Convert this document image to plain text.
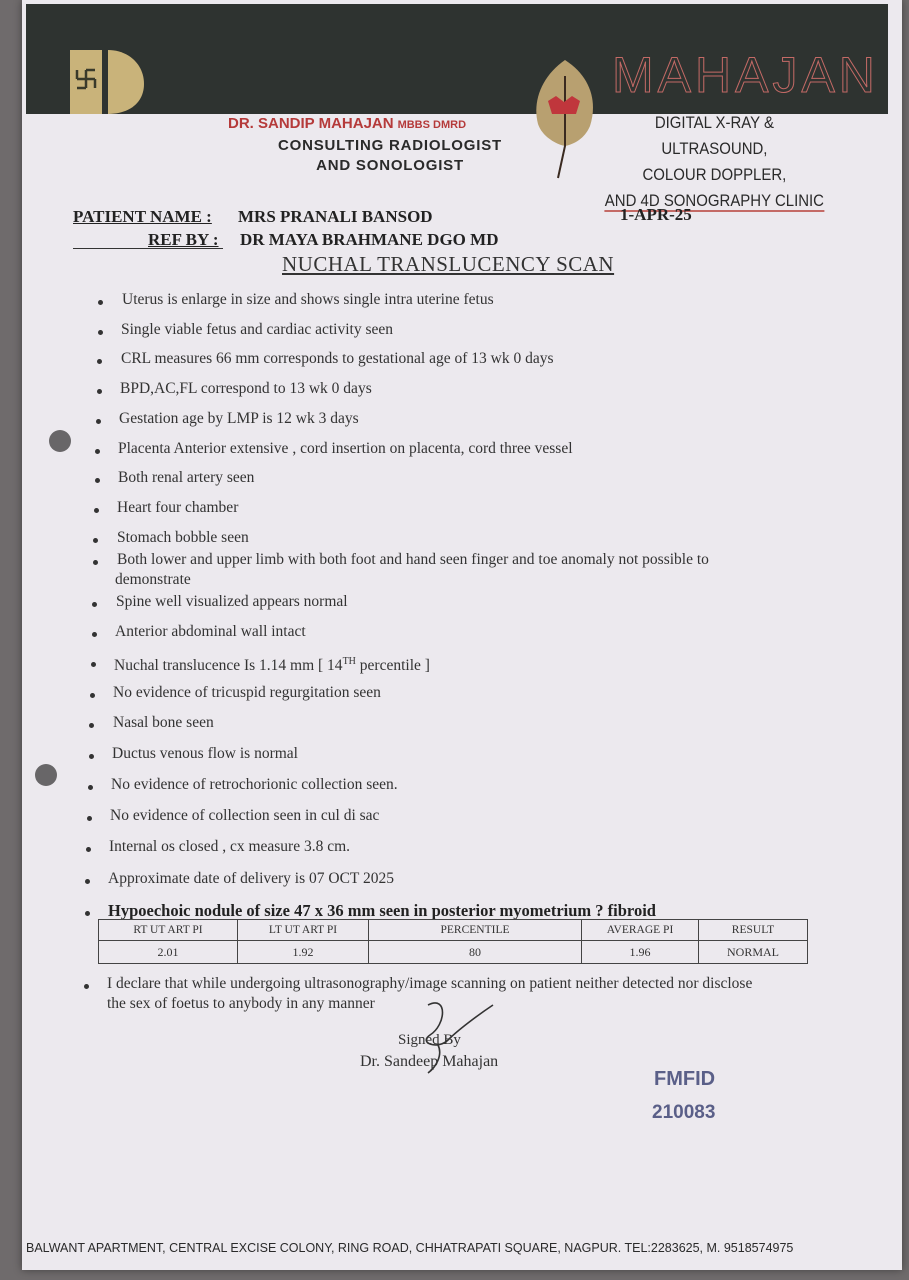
DR. SANDIP MAHAJAN MBBS DMRD
CONSULTING RADIOLOGIST
AND SONOLOGIST
MAHAJAN
DIGITAL X-RAY & ULTRASOUND,
COLOUR DOPPLER,
AND 4D SONOGRAPHY CLINIC
PATIENT NAME : MRS PRANALI BANSOD	1-APR-25
REF BY : DR MAYA BRAHMANE DGO MD
NUCHAL TRANSLUCENCY SCAN
Uterus is enlarge in size and shows single intra uterine fetus
Single viable fetus and cardiac activity seen
CRL measures 66 mm corresponds to gestational age of 13 wk 0 days
BPD,AC,FL correspond to 13 wk 0 days
Gestation age by LMP is 12 wk 3 days
Placenta Anterior extensive , cord insertion on placenta, cord three vessel
Both renal artery seen
Heart four chamber
Stomach bobble seen
Both lower and upper limb with both foot and hand seen finger and toe anomaly not possible to
demonstrate
Spine well visualized appears normal
Anterior abdominal wall intact
Nuchal translucence Is 1.14 mm [ 14TH percentile ]
No evidence of tricuspid regurgitation seen
Nasal bone seen
Ductus venous flow is normal
No evidence of retrochorionic collection seen.
No evidence of collection seen in cul di sac
Internal os closed , cx measure 3.8 cm.
Approximate date of delivery is 07 OCT 2025
Hypoechoic nodule of size 47 x 36 mm seen in posterior myometrium ? fibroid
I declare that while undergoing ultrasonography/image scanning on patient neither detected nor disclose
the sex of foetus to anybody in any manner
RT UT ART PI	LT UT ART PI	PERCENTILE	AVERAGE PI	RESULT
2.01	1.92	80	1.96	NORMAL
Signed By
Dr. Sandeep Mahajan
FMFID
210083
BALWANT APARTMENT, CENTRAL EXCISE COLONY, RING ROAD, CHHATRAPATI SQUARE, NAGPUR. TEL:2283625, M. 9518574975
